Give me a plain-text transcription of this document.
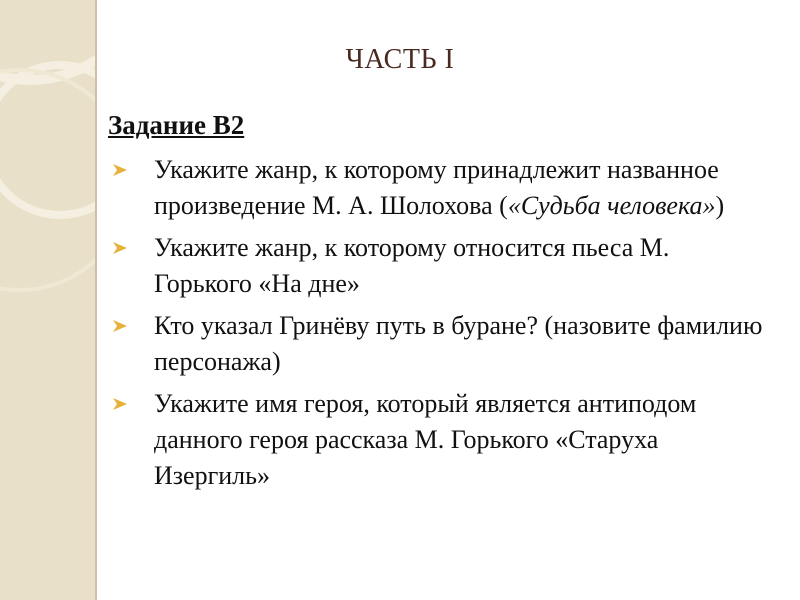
ЧАСТЬ I
Задание В2
Укажите жанр, к которому принадлежит названное произведение М. А. Шолохова («Судьба человека»)
Укажите жанр, к которому относится пьеса М. Горького «На дне»
Кто указал Гринёву путь в буране? (назовите фамилию персонажа)
Укажите имя героя, который является антиподом данного героя рассказа М. Горького «Старуха Изергиль»
